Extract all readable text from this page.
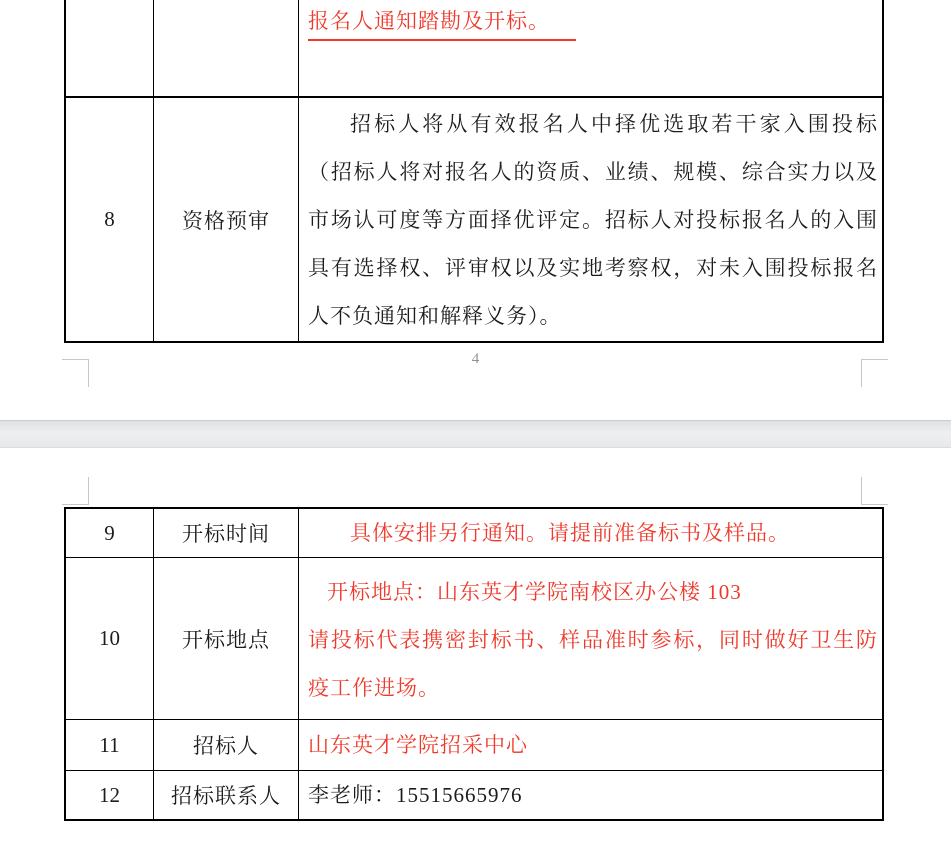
报名人通知踏勘及开标。
8	资格预审
招标人将从有效报名人中择优选取若干家入围投标
（招标人将对报名人的资质、业绩、规模、综合实力以及
市场认可度等方面择优评定。招标人对投标报名人的入围
具有选择权、评审权以及实地考察权，对未入围投标报名
人不负通知和解释义务）。
4
9	开标时间	具体安排另行通知。请提前准备标书及样品。
10	开标地点
开标地点：山东英才学院南校区办公楼 103
请投标代表携密封标书、样品准时参标，同时做好卫生防
疫工作进场。
11	招标人	山东英才学院招采中心
12	招标联系人	李老师：15515665976
